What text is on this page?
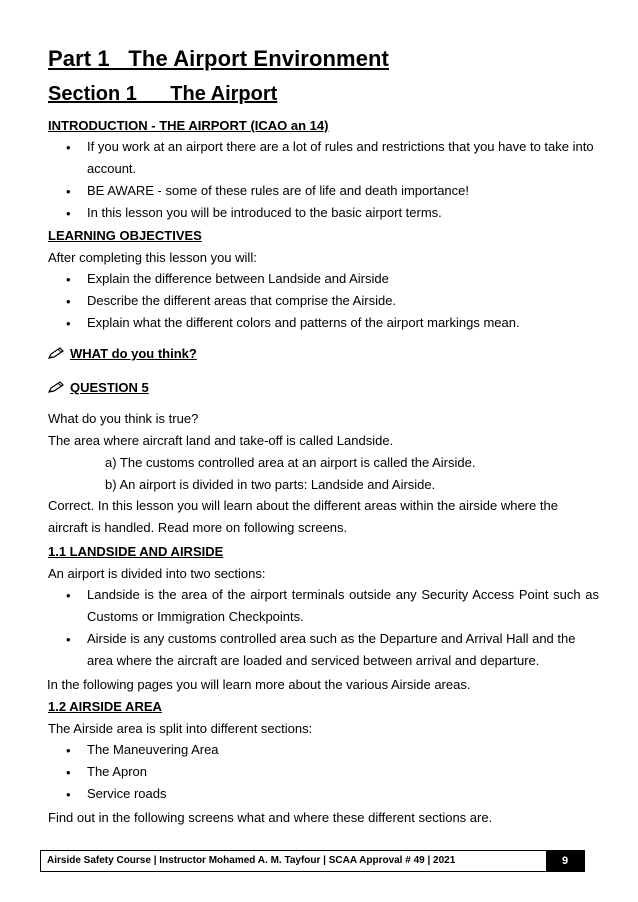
Part 1   The Airport Environment
Section 1      The Airport

INTRODUCTION - THE AIRPORT (ICAO an 14)

• If you work at an airport there are a lot of rules and restrictions that you have to take into account.

• BE AWARE - some of these rules are of life and death importance!

• In this lesson you will be introduced to the basic airport terms.

LEARNING OBJECTIVES

After completing this lesson you will:

• Explain the difference between Landside and Airside

• Describe the different areas that comprise the Airside.

• Explain what the different colors and patterns of the airport markings mean.

WHAT do you think?

QUESTION 5

What do you think is true?

The area where aircraft land and take-off is called Landside.

a) The customs controlled area at an airport is called the Airside.

b) An airport is divided in two parts: Landside and Airside.

Correct. In this lesson you will learn about the different areas within the airside where the aircraft is handled. Read more on following screens.

1.1 LANDSIDE AND AIRSIDE

An airport is divided into two sections:

• Landside is the area of the airport terminals outside any Security Access Point such as Customs or Immigration Checkpoints.

• Airside is any customs controlled area such as the Departure and Arrival Hall and the area where the aircraft are loaded and serviced between arrival and departure.

In the following pages you will learn more about the various Airside areas.

1.2 AIRSIDE AREA

The Airside area is split into different sections:

• The Maneuvering Area

• The Apron

• Service roads

Find out in the following screens what and where these different sections are.

Airside Safety Course | Instructor Mohamed A. M. Tayfour | SCAA Approval # 49 | 2021	9
